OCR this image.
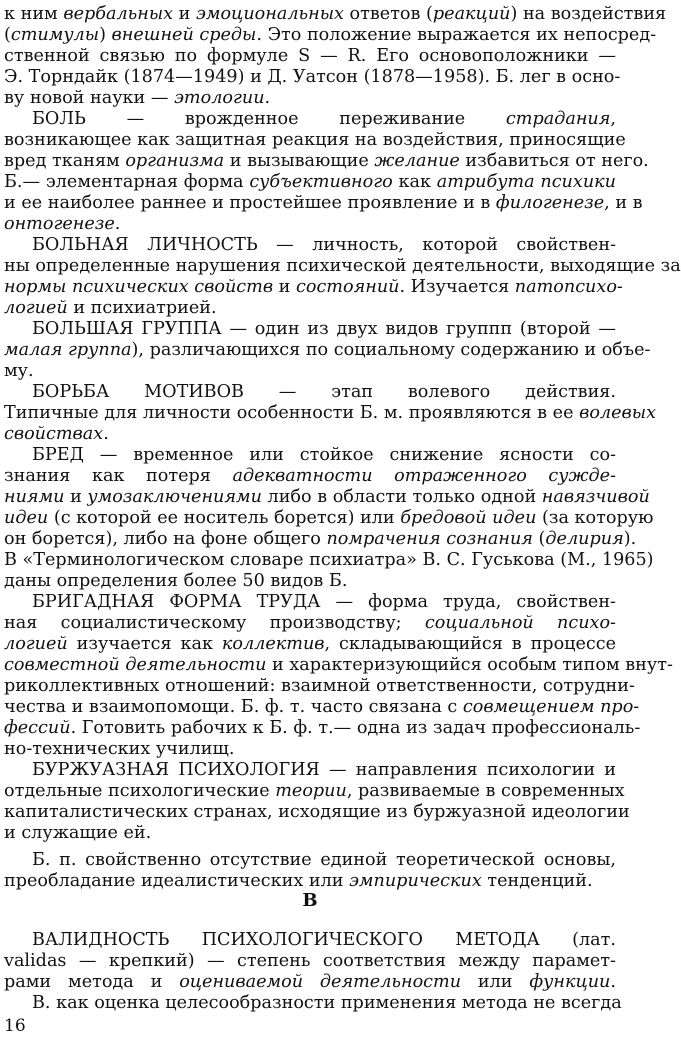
к ним вербальных и эмоциональных ответов (реакций) на воздействия
(стимулы) внешней среды. Это положение выражается их непосред-
ственной связью по формуле S — R. Его основоположники —
Э. Торндайк (1874—1949) и Д. Уатсон (1878—1958). Б. лег в осно-
ву новой науки — этологии.
БОЛЬ — врожденное переживание страдания,
возникающее как защитная реакция на воздействия, приносящие
вред тканям организма и вызывающие желание избавиться от него.
Б.— элементарная форма субъективного как атрибута психики
и ее наиболее раннее и простейшее проявление и в филогенезе, и в
онтогенезе.
БОЛЬНАЯ ЛИЧНОСТЬ — личность, которой свойствен-
ны определенные нарушения психической деятельности, выходящие за
нормы психических свойств и состояний. Изучается патопсихо-
логией и психиатрией.
БОЛЬШАЯ ГРУППА — один из двух видов группп (второй —
малая группа), различающихся по социальному содержанию и объе-
му.
БОРЬБА МОТИВОВ — этап волевого действия.
Типичные для личности особенности Б. м. проявляются в ее волевых
свойствах.
БРЕД — временное или стойкое снижение ясности со-
знания как потеря адекватности отраженного сужде-
ниями и умозаключениями либо в области только одной навязчивой
идеи (с которой ее носитель борется) или бредовой идеи (за которую
он борется), либо на фоне общего помрачения сознания (делирия).
В «Терминологическом словаре психиатра» В. С. Гуськова (М., 1965)
даны определения более 50 видов Б.
БРИГАДНАЯ ФОРМА ТРУДА — форма труда, свойствен-
ная социалистическому производству; социальной психо-
логией изучается как коллектив, складывающийся в процессе
совместной деятельности и характеризующийся особым типом внут-
риколлективных отношений: взаимной ответственности, сотрудни-
чества и взаимопомощи. Б. ф. т. часто связана с совмещением про-
фессий. Готовить рабочих к Б. ф. т.— одна из задач профессиональ-
но-технических училищ.
БУРЖУАЗНАЯ ПСИХОЛОГИЯ — направления психологии и
отдельные психологические теории, развиваемые в современных
капиталистических странах, исходящие из буржуазной идеологии
и служащие ей.
Б. п. свойственно отсутствие единой теоретической основы,
преобладание идеалистических или эмпирических тенденций.
В
ВАЛИДНОСТЬ ПСИХОЛОГИЧЕСКОГО МЕТОДА (лат.
validas — крепкий) — степень соответствия между парамет-
рами метода и оцениваемой деятельности или функции.
В. как оценка целесообразности применения метода не всегда
16
